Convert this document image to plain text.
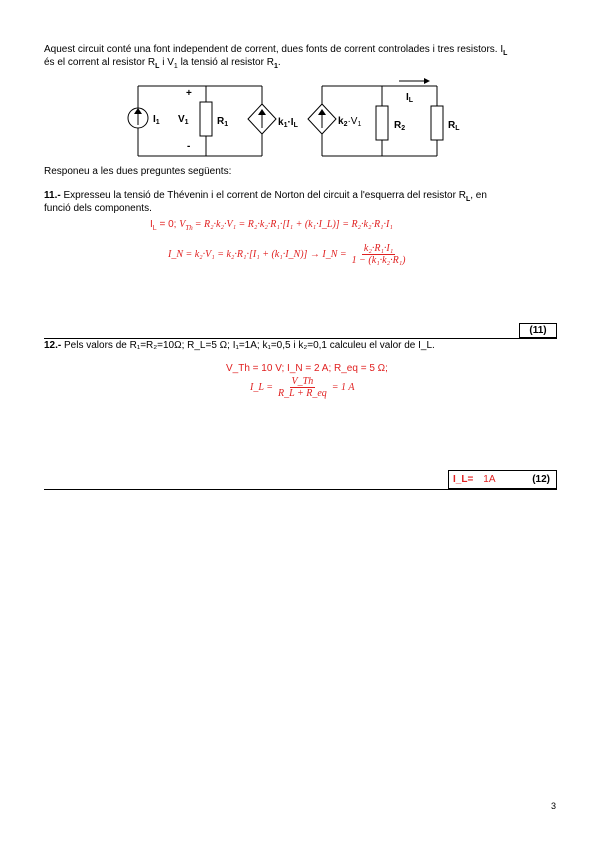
Aquest circuit conté una font independent de corrent, dues fonts de corrent controlades i tres resistors. $I_L$
és el corrent al resistor $R_L$ i $V_1$ la tensió al resistor $R_1$.
+
-
$I_1$ $V_1$	$R_1$	$k_1\cdot I_L$	$k_2\cdot V_1$	$R_2$	$R_L$
$I_L$
Responeu a les dues preguntes següents:
11.- Expresseu la tensió de Thévenin i el corrent de Norton del circuit a l'esquerra del resistor $R_L$, en
funció dels components.
$I_L = 0$; $V_{Th} = R_2\cdot k_2\cdot V_1 = R_2\cdot k_2\cdot R_1\cdot[I_1$ + (k₁·I_L)] = R₂·k₂·R₁·I₁
I_N = k₂·V₁ = k₂·R₁·[I₁ + (k₁·I_N)] → I_N = $\frac{\text{k₂·R₁·I₁}}{\text{1 − (k₁·k₂·R₁)}}$
(11)
12.- Pels valors de R₁=R₂=10Ω; R_L=5 Ω; I₁=1A; k₁=0,5 i k₂=0,1 calculeu el valor de I_L.
V_Th = 10 V; I_N = 2 A; R_eq = 5 Ω;
I_L = $\frac{V\_Th}{R\_L + R\_eq} = 1$ A
I_L= 1A	(12)
3
